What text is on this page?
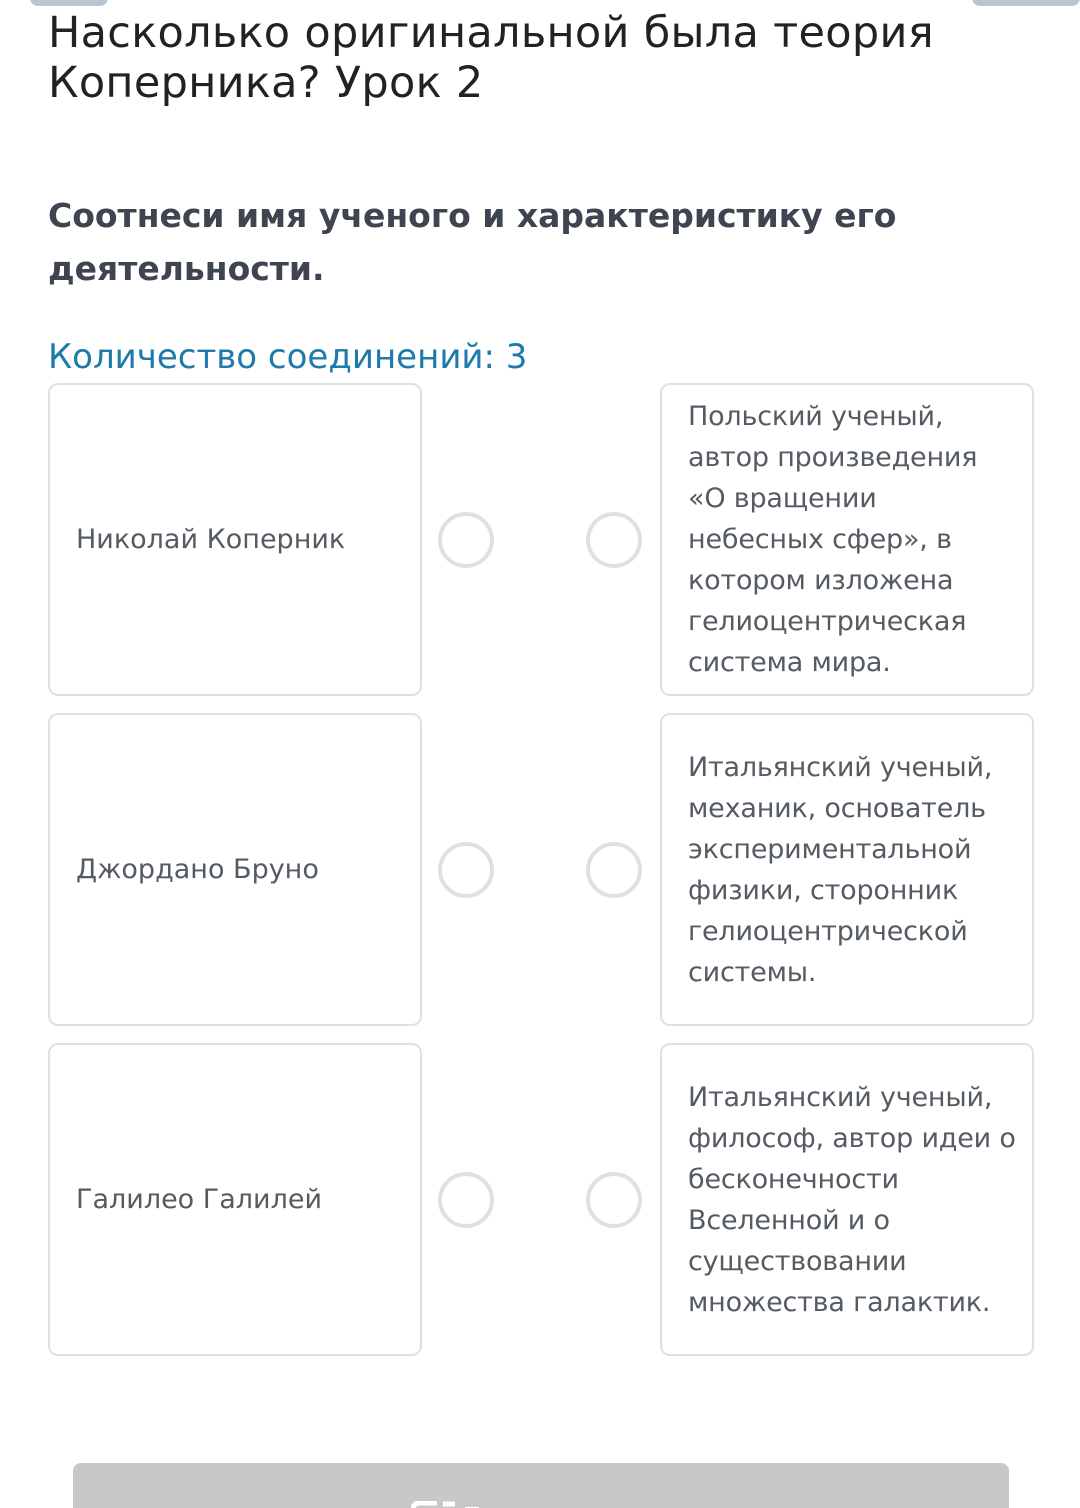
Насколько оригинальной была теория Коперника? Урок 2
Соотнеси имя ученого и характеристику его деятельности.
Количество соединений: 3
Николай Коперник
Польский ученый, автор произведения «О вращении небесных сфер», в котором изложена гелиоцентрическая система мира.
Джордано Бруно
Итальянский ученый, механик, основатель экспериментальной физики, сторонник гелиоцентрической системы.
Галилео Галилей
Итальянский ученый, философ, автор идеи о бесконечности Вселенной и о существовании множества галактик.
